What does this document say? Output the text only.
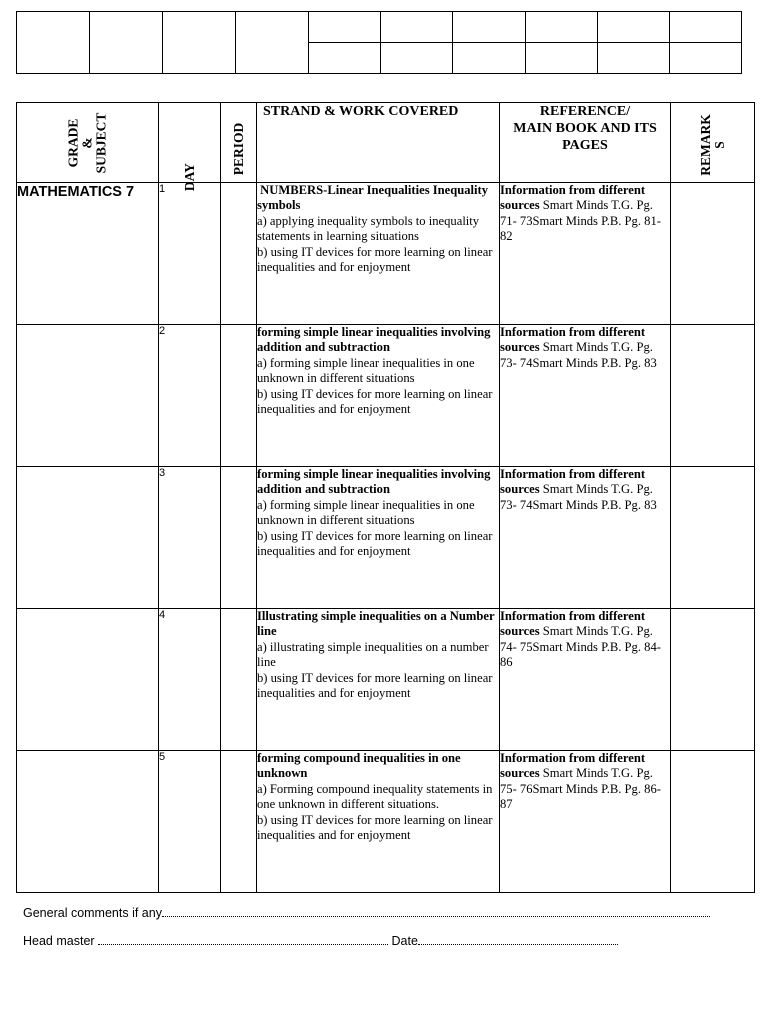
GRADE
&
SUBJECT	DAY	PERIOD	STRAND & WORK COVERED	REFERENCE/
MAIN BOOK AND ITS PAGES	REMARK
S

MATHEMATICS 7	1		NUMBERS-Linear Inequalities Inequality symbols
a) applying inequality symbols to inequality statements in learning situations
b) using IT devices for more learning on linear inequalities and for enjoyment	Information from different sources Smart Minds T.G. Pg. 71- 73Smart Minds P.B. Pg. 81-82	
	2		forming simple linear inequalities involving addition and subtraction
a) forming simple linear inequalities in one unknown in different situations
b) using IT devices for more learning on linear inequalities and for enjoyment	Information from different sources Smart Minds T.G. Pg. 73- 74Smart Minds P.B. Pg. 83	
	3		forming simple linear inequalities involving addition and subtraction
a) forming simple linear inequalities in one unknown in different situations
b) using IT devices for more learning on linear inequalities and for enjoyment	Information from different sources Smart Minds T.G. Pg. 73- 74Smart Minds P.B. Pg. 83	
	4		Illustrating simple inequalities on a Number line
a) illustrating simple inequalities on a number line
b) using IT devices for more learning on linear inequalities and for enjoyment	Information from different sources Smart Minds T.G. Pg. 74- 75Smart Minds P.B. Pg. 84- 86	
	5		forming compound inequalities in one unknown
a) Forming compound inequality statements in one unknown in different situations.
b) using IT devices for more learning on linear inequalities and for enjoyment	Information from different sources Smart Minds T.G. Pg. 75- 76Smart Minds P.B. Pg. 86- 87	
General comments if any
Head master	Date
